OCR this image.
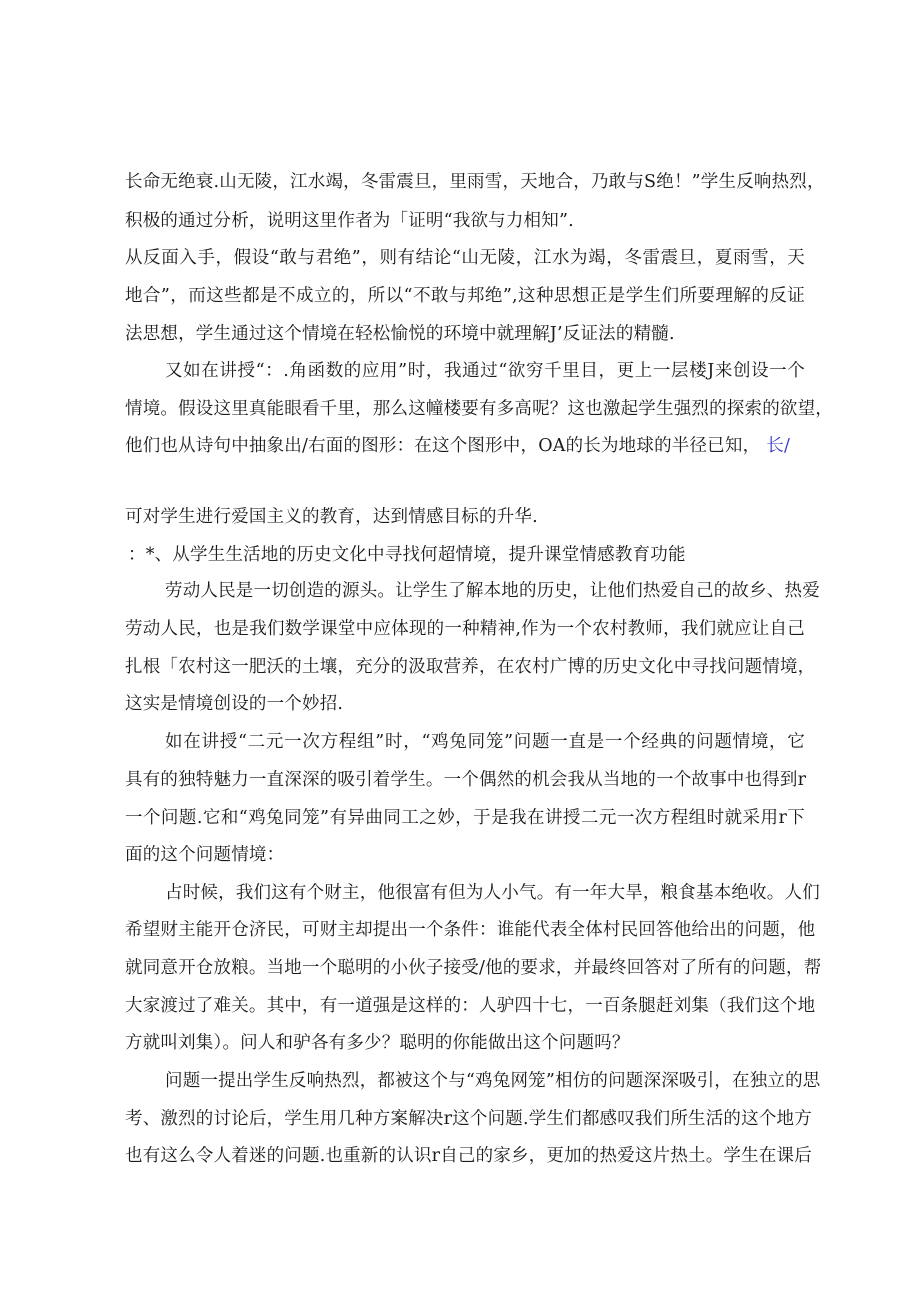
长命无绝衰.山无陵，江水竭，冬雷震旦，里雨雪，天地合，乃敢与S绝！”学生反响热烈，
积极的通过分析，说明这里作者为「证明“我欲与力相知”.
从反面入手，假设“敢与君绝”，则有结论“山无陵，江水为竭，冬雷震旦，夏雨雪，天
地合”，而这些都是不成立的，所以“不敢与邦绝”,这种思想正是学生们所要理解的反证
法思想，学生通过这个情境在轻松愉悦的环境中就理解J’反证法的精髓.
又如在讲授“：.角函数的应用”时，我通过“欲穷千里目，更上一层楼J来创设一个
情境。假设这里真能眼看千里，那么这幢楼要有多高呢？这也激起学生强烈的探索的欲望，
他们也从诗句中抽象出/右面的图形：在这个图形中，OA的长为地球的半径已知， 长/
可对学生进行爱国主义的教育，达到情感目标的升华.
：*、从学生生活地的历史文化中寻找何超情境，提升课堂情感教育功能
劳动人民是一切创造的源头。让学生了解本地的历史，让他们热爱自己的故乡、热爱
劳动人民，也是我们数学课堂中应体现的一种精神,作为一个农村教师，我们就应让自己
扎根「农村这一肥沃的土壤，充分的汲取营养，在农村广博的历史文化中寻找问题情境，
这实是情境创设的一个妙招.
如在讲授“二元一次方程组”时，“鸡兔同笼”问题一直是一个经典的问题情境，它
具有的独特魅力一直深深的吸引着学生。一个偶然的机会我从当地的一个故事中也得到r
一个问题.它和“鸡兔同笼”有异曲同工之妙，于是我在讲授二元一次方程组时就采用r下
面的这个问题情境：
占时候，我们这有个财主，他很富有但为人小气。有一年大旱，粮食基本绝收。人们
希望财主能开仓济民，可财主却提出一个条件：谁能代表全体村民回答他给出的问题，他
就同意开仓放粮。当地一个聪明的小伙子接受/他的要求，并最终回答对了所有的问题，帮
大家渡过了难关。其中，有一道强是这样的：人驴四十七，一百条腿赶刘集（我们这个地
方就叫刘集）。问人和驴各有多少？聪明的你能做出这个问题吗？
问题一提出学生反响热烈，都被这个与“鸡兔网笼”相仿的问题深深吸引，在独立的思
考、激烈的讨论后，学生用几种方案解决r这个问题.学生们都感叹我们所生活的这个地方
也有这么令人着迷的问题.也重新的认识r自己的家乡，更加的热爱这片热土。学生在课后
